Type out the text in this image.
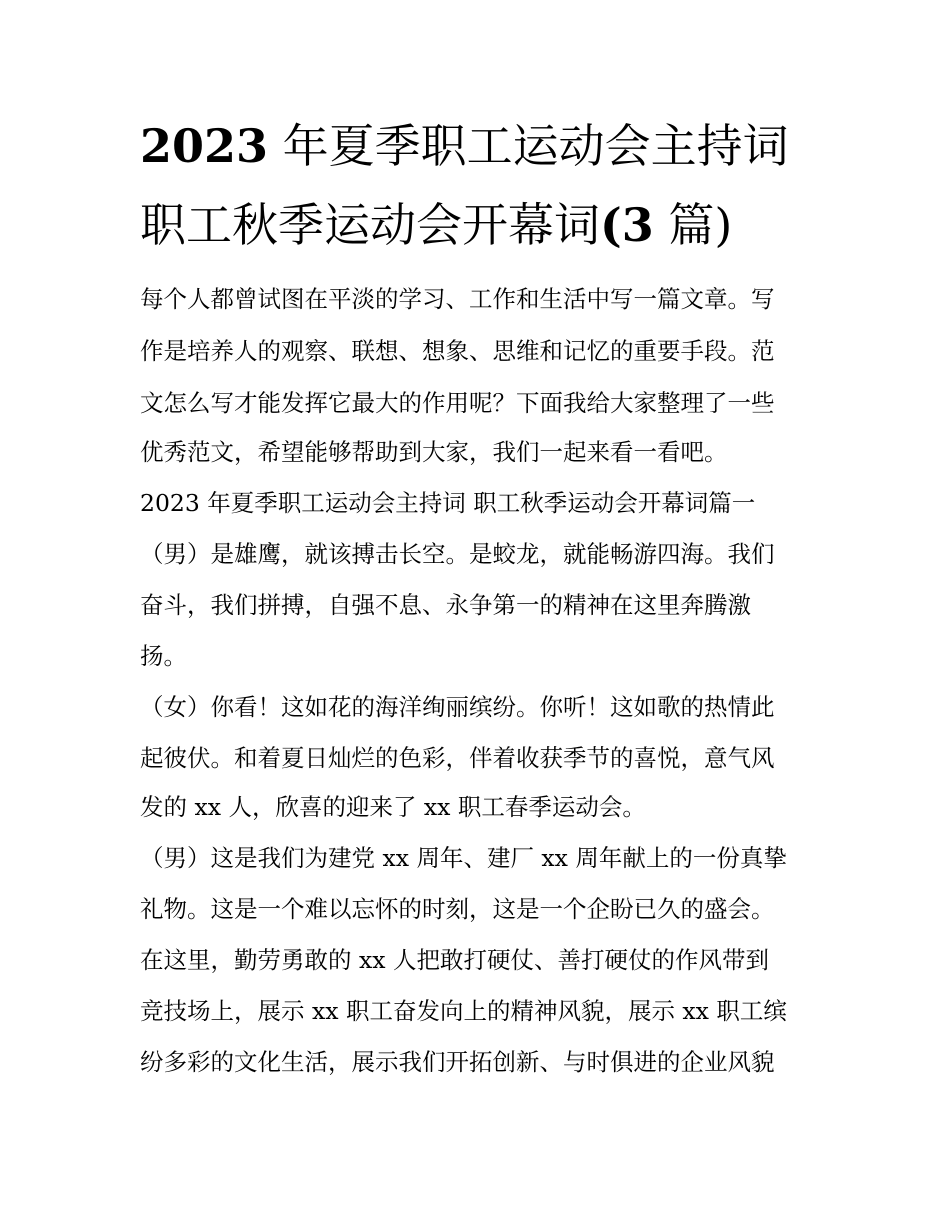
2023 年夏季职工运动会主持词
职工秋季运动会开幕词(3 篇)
每个人都曾试图在平淡的学习、工作和生活中写一篇文章。写
作是培养人的观察、联想、想象、思维和记忆的重要手段。范
文怎么写才能发挥它最大的作用呢？下面我给大家整理了一些
优秀范文，希望能够帮助到大家，我们一起来看一看吧。
2023 年夏季职工运动会主持词 职工秋季运动会开幕词篇一
（男）是雄鹰，就该搏击长空。是蛟龙，就能畅游四海。我们
奋斗，我们拼搏，自强不息、永争第一的精神在这里奔腾激
扬。
（女）你看！这如花的海洋绚丽缤纷。你听！这如歌的热情此
起彼伏。和着夏日灿烂的色彩，伴着收获季节的喜悦，意气风
发的 xx 人，欣喜的迎来了 xx 职工春季运动会。
（男）这是我们为建党 xx 周年、建厂 xx 周年献上的一份真挚
礼物。这是一个难以忘怀的时刻，这是一个企盼已久的盛会。
在这里，勤劳勇敢的 xx 人把敢打硬仗、善打硬仗的作风带到
竞技场上，展示 xx 职工奋发向上的精神风貌，展示 xx 职工缤
纷多彩的文化生活，展示我们开拓创新、与时俱进的企业风貌
